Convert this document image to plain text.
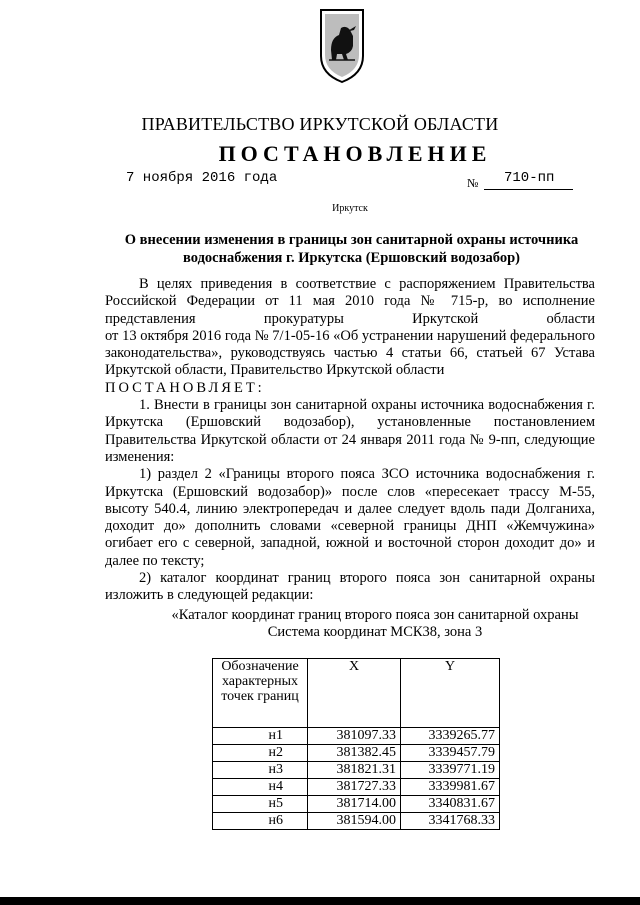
ПРАВИТЕЛЬСТВО ИРКУТСКОЙ ОБЛАСТИ
ПОСТАНОВЛЕНИЕ
7 ноября 2016 года	№ 710-пп
Иркутск
О внесении изменения в границы зон санитарной охраны источника водоснабжения г. Иркутска (Ершовский водозабор)

В целях приведения в соответствие с распоряжением Правительства Российской Федерации от 11 мая 2010 года № 715-р, во исполнение представления прокуратуры Иркутской области

от 13 октября 2016 года № 7/1-05-16 «Об устранении нарушений федерального законодательства», руководствуясь частью 4 статьи 66, статьей 67 Устава Иркутской области, Правительство Иркутской области

ПОСТАНОВЛЯЕТ:

1. Внести в границы зон санитарной охраны источника водоснабжения г. Иркутска (Ершовский водозабор), установленные постановлением Правительства Иркутской области от 24 января 2011 года № 9-пп, следующие изменения:

1) раздел 2 «Границы второго пояса ЗСО источника водоснабжения г. Иркутска (Ершовский водозабор)» после слов «пересекает трассу М-55, высоту 540.4, линию электропередач и далее следует вдоль пади Долганиха, доходит до» дополнить словами «северной границы ДНП «Жемчужина» огибает его с северной, западной, южной и восточной сторон доходит до» и далее по тексту;

2) каталог координат границ второго пояса зон санитарной охраны изложить в следующей редакции:

«Каталог координат границ второго пояса зон санитарной охраны
Система координат МСК38, зона 3
Обозначение характерных точек границ	X	Y
н1	381097.33	3339265.77
н2	381382.45	3339457.79
н3	381821.31	3339771.19
н4	381727.33	3339981.67
н5	381714.00	3340831.67
н6	381594.00	3341768.33
